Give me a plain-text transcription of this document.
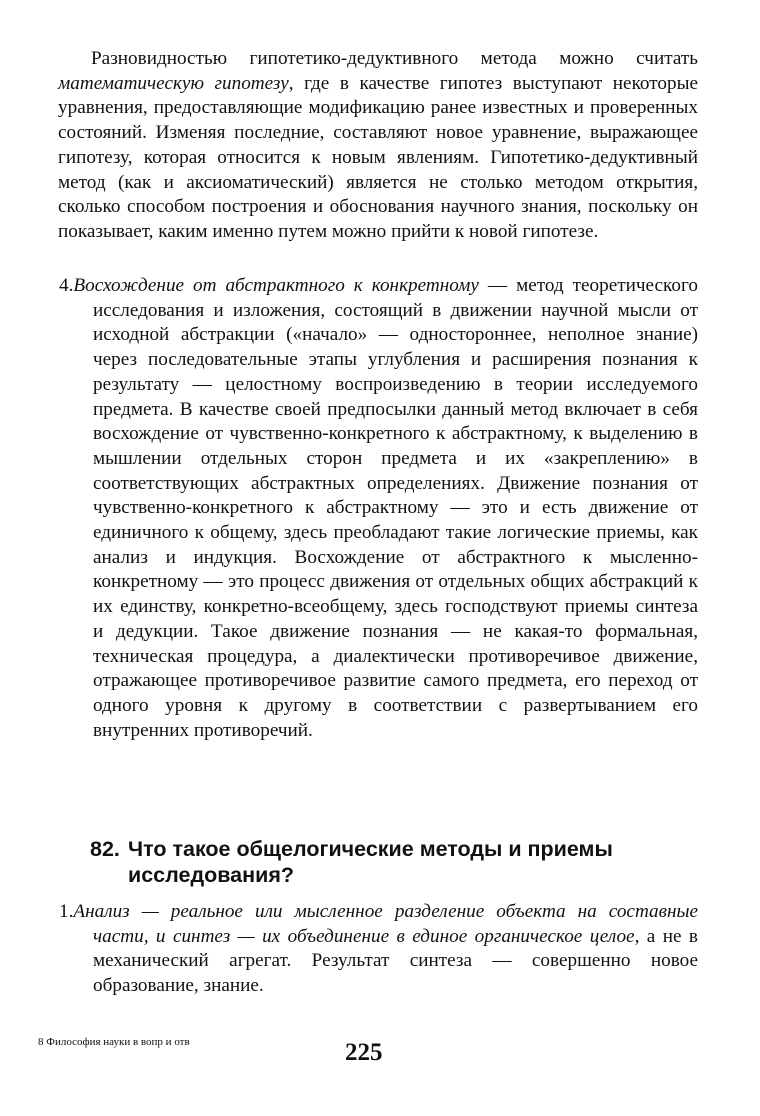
Разновидностью гипотетико-дедуктивного метода можно считать математическую гипотезу, где в качестве гипотез выступают некоторые уравнения, предоставляющие модификацию ранее известных и проверенных состояний. Изменяя последние, составляют новое уравнение, выражающее гипотезу, которая относится к новым явлениям. Гипотетико-дедуктивный метод (как и аксиоматический) является не столько методом открытия, сколько способом построения и обоснования научного знания, поскольку он показывает, каким именно путем можно прийти к новой гипотезе.

4.Восхождение от абстрактного к конкретному — метод теоретического исследования и изложения, состоящий в движении научной мысли от исходной абстракции («начало» — одностороннее, неполное знание) через последовательные этапы углубления и расширения познания к результату — целостному воспроизведению в теории исследуемого предмета. В качестве своей предпосылки данный метод включает в себя восхождение от чувственно-конкретного к абстрактному, к выделению в мышлении отдельных сторон предмета и их «закреплению» в соответствующих абстрактных определениях. Движение познания от чувственно-конкретного к абстрактному — это и есть движение от единичного к общему, здесь преобладают такие логические приемы, как анализ и индукция. Восхождение от абстрактного к мысленно-конкретному — это процесс движения от отдельных общих абстракций к их единству, конкретно-всеобщему, здесь господствуют приемы синтеза и дедукции. Такое движение познания — не какая-то формальная, техническая процедура, а диалектически противоречивое движение, отражающее противоречивое развитие самого предмета, его переход от одного уровня к другому в соответствии с развертыванием его внутренних противоречий.

82. Что такое общелогические методы и приемы
исследования?

1.Анализ — реальное или мысленное разделение объекта на составные части, и синтез — их объединение в единое органическое целое, а не в механический агрегат. Результат синтеза — совершенно новое образование, знание.

8 Философия науки в вопр и отв	225
